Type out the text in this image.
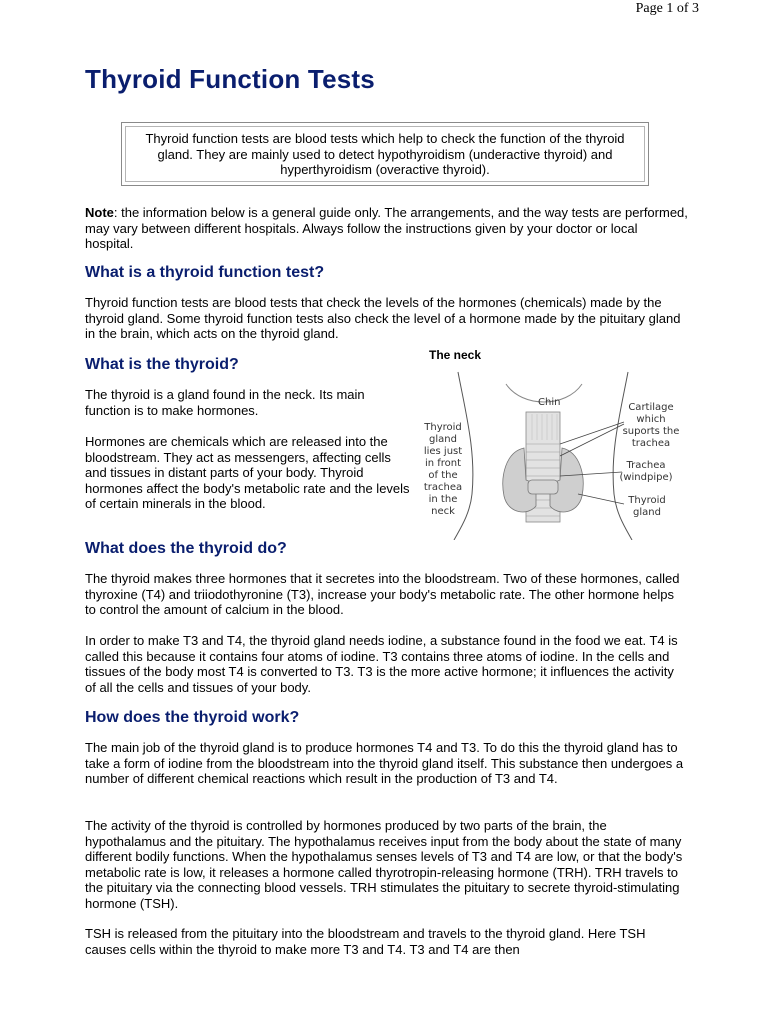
Page 1 of 3
Thyroid Function Tests
Thyroid function tests are blood tests which help to check the function of the thyroid gland. They are mainly used to detect hypothyroidism (underactive thyroid) and hyperthyroidism (overactive thyroid).

Note: the information below is a general guide only. The arrangements, and the way tests are performed, may vary between different hospitals. Always follow the instructions given by your doctor or local hospital.

What is a thyroid function test?

Thyroid function tests are blood tests that check the levels of the hormones (chemicals) made by the thyroid gland. Some thyroid function tests also check the level of a hormone made by the pituitary gland in the brain, which acts on the thyroid gland.

What is the thyroid?

The thyroid is a gland found in the neck. Its main function is to make hormones.

Hormones are chemicals which are released into the bloodstream. They act as messengers, affecting cells and tissues in distant parts of your body. Thyroid hormones affect the body's metabolic rate and the levels of certain minerals in the blood.

The neck
Chin
Thyroid
gland
lies just
in front
of the
trachea
in the
neck
Cartilage
which
suports the
trachea
Trachea
(windpipe)
Thyroid
gland
What does the thyroid do?

The thyroid makes three hormones that it secretes into the bloodstream. Two of these hormones, called thyroxine (T4) and triiodothyronine (T3), increase your body's metabolic rate. The other hormone helps to control the amount of calcium in the blood.

In order to make T3 and T4, the thyroid gland needs iodine, a substance found in the food we eat. T4 is called this because it contains four atoms of iodine. T3 contains three atoms of iodine. In the cells and tissues of the body most T4 is converted to T3. T3 is the more active hormone; it influences the activity of all the cells and tissues of your body.

How does the thyroid work?

The main job of the thyroid gland is to produce hormones T4 and T3. To do this the thyroid gland has to take a form of iodine from the bloodstream into the thyroid gland itself. This substance then undergoes a number of different chemical reactions which result in the production of T3 and T4.

The activity of the thyroid is controlled by hormones produced by two parts of the brain, the hypothalamus and the pituitary. The hypothalamus receives input from the body about the state of many different bodily functions. When the hypothalamus senses levels of T3 and T4 are low, or that the body's metabolic rate is low, it releases a hormone called thyrotropin-releasing hormone (TRH). TRH travels to the pituitary via the connecting blood vessels. TRH stimulates the pituitary to secrete thyroid-stimulating hormone (TSH).

TSH is released from the pituitary into the bloodstream and travels to the thyroid gland. Here TSH causes cells within the thyroid to make more T3 and T4. T3 and T4 are then
